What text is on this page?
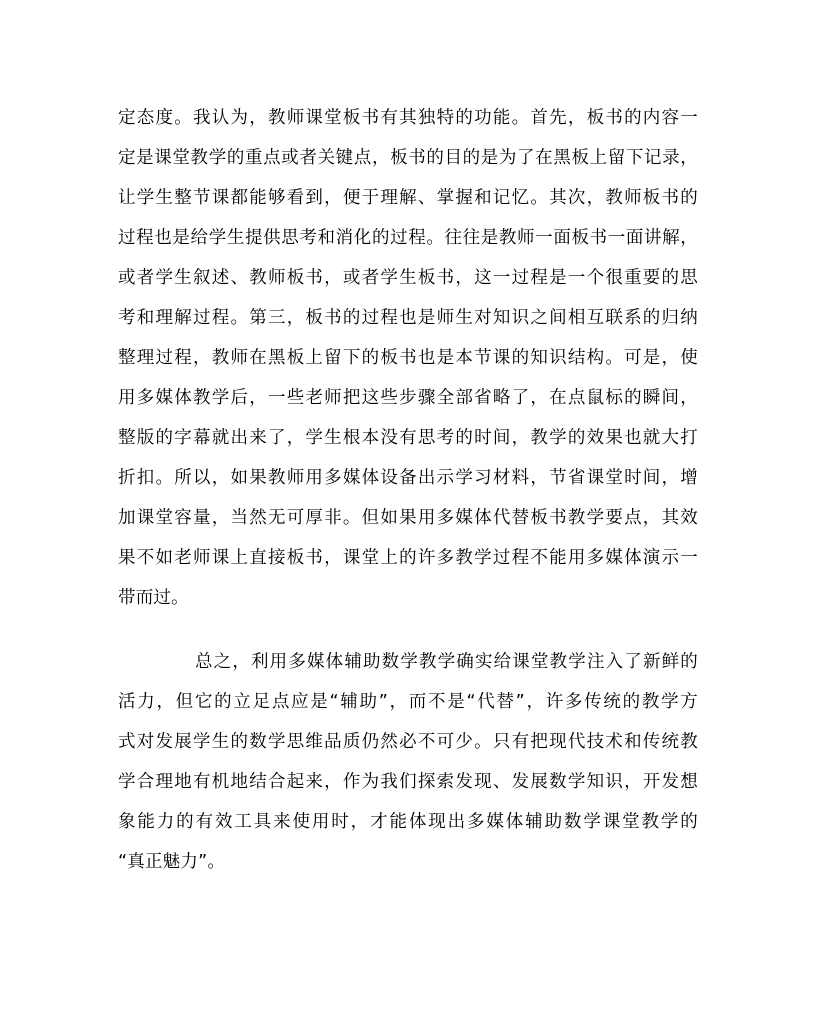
定态度。我认为，教师课堂板书有其独特的功能。首先，板书的内容一
定是课堂教学的重点或者关键点，板书的目的是为了在黑板上留下记录，
让学生整节课都能够看到，便于理解、掌握和记忆。其次，教师板书的
过程也是给学生提供思考和消化的过程。往往是教师一面板书一面讲解，
或者学生叙述、教师板书，或者学生板书，这一过程是一个很重要的思
考和理解过程。第三，板书的过程也是师生对知识之间相互联系的归纳
整理过程，教师在黑板上留下的板书也是本节课的知识结构。可是，使
用多媒体教学后，一些老师把这些步骤全部省略了，在点鼠标的瞬间，
整版的字幕就出来了，学生根本没有思考的时间，教学的效果也就大打
折扣。所以，如果教师用多媒体设备出示学习材料，节省课堂时间，增
加课堂容量，当然无可厚非。但如果用多媒体代替板书教学要点，其效
果不如老师课上直接板书，课堂上的许多教学过程不能用多媒体演示一
带而过。
总之，利用多媒体辅助数学教学确实给课堂教学注入了新鲜的
活力，但它的立足点应是“辅助”，而不是“代替”，许多传统的教学方
式对发展学生的数学思维品质仍然必不可少。只有把现代技术和传统教
学合理地有机地结合起来，作为我们探索发现、发展数学知识，开发想
象能力的有效工具来使用时，才能体现出多媒体辅助数学课堂教学的
“真正魅力”。
